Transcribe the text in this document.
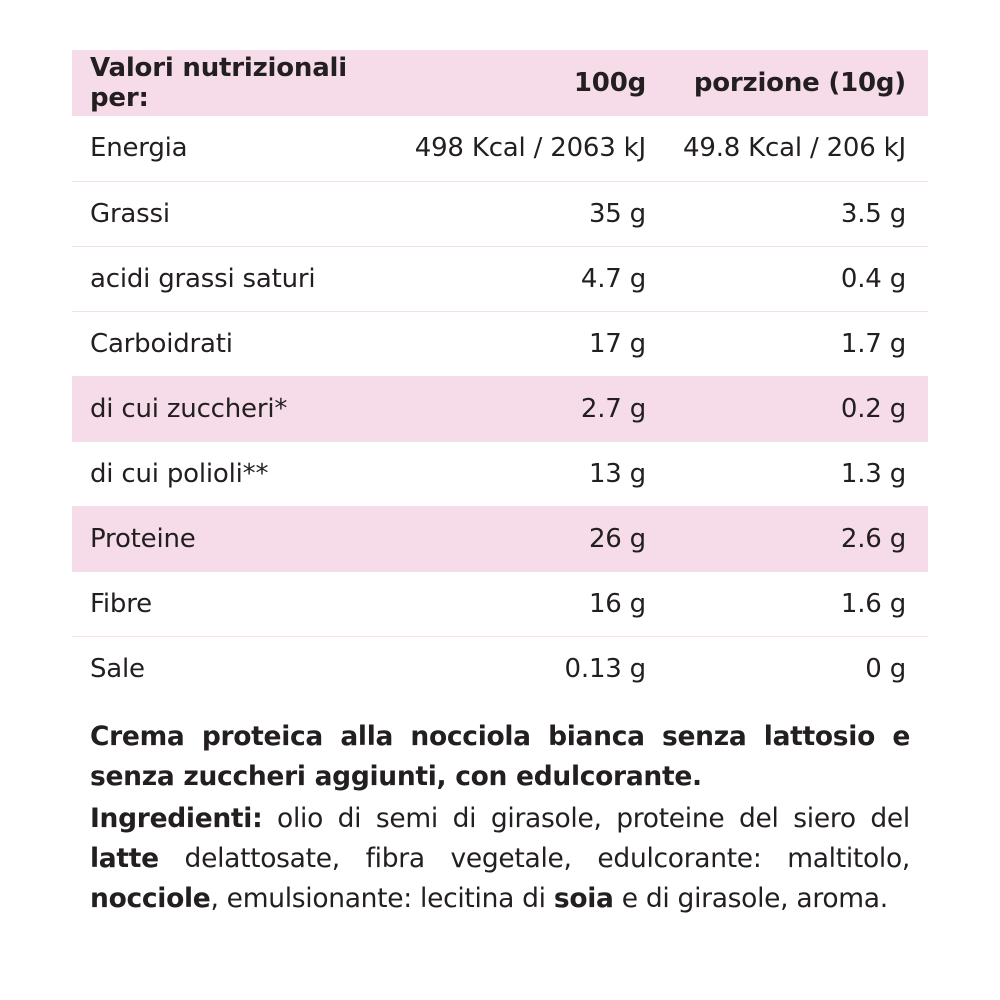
Valori nutrizionali per:	100g	porzione (10g)
Energia	498 Kcal / 2063 kJ	49.8 Kcal / 206 kJ
Grassi	35 g	3.5 g
acidi grassi saturi	4.7 g	0.4 g
Carboidrati	17 g	1.7 g
di cui zuccheri*	2.7 g	0.2 g
di cui polioli**	13 g	1.3 g
Proteine	26 g	2.6 g
Fibre	16 g	1.6 g
Sale	0.13 g	0 g

Crema proteica alla nocciola bianca senza lattosio e senza zuccheri aggiunti, con edulcorante.

Ingredienti: olio di semi di girasole, proteine del siero del latte delattosate, fibra vegetale, edulcorante: maltitolo, nocciole, emulsionante: lecitina di soia e di girasole, aroma.
